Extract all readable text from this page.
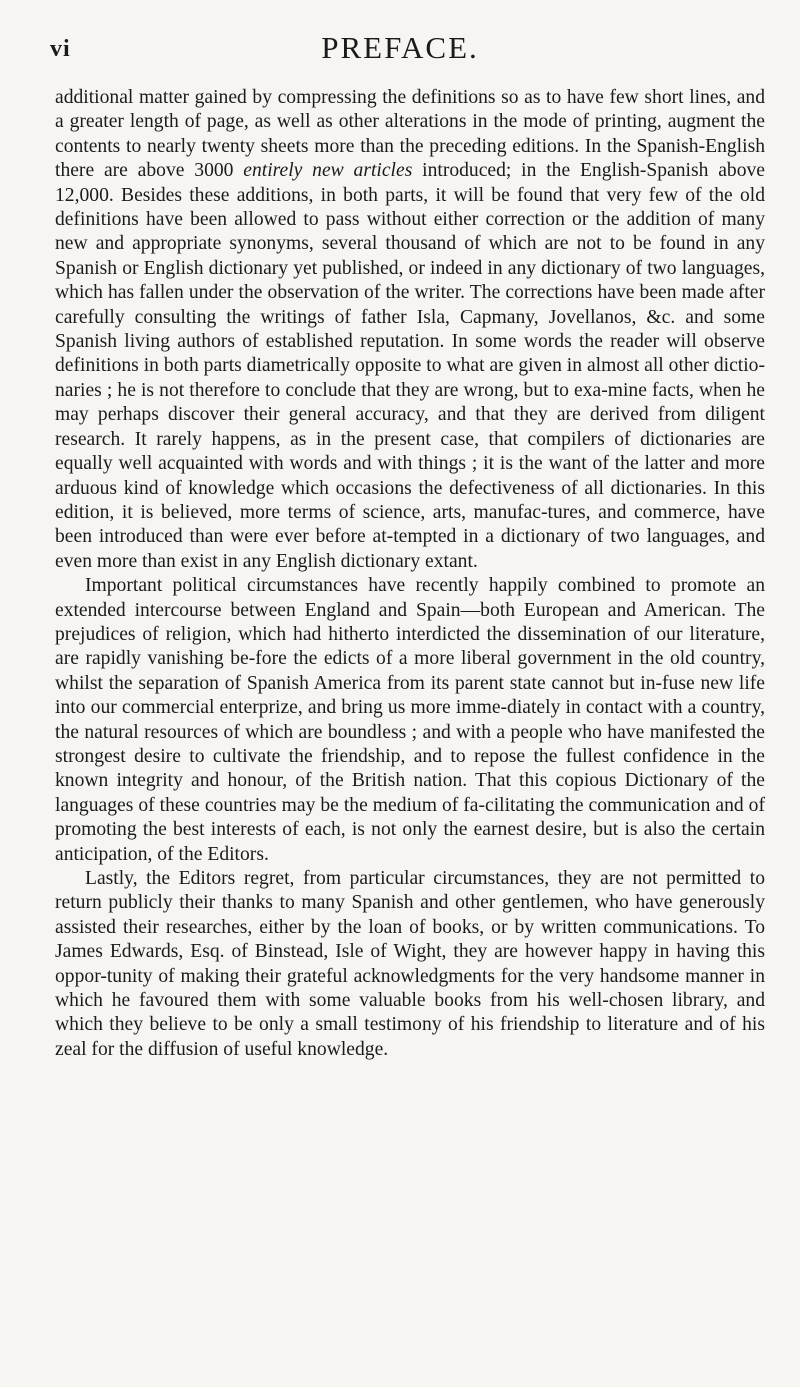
vi	PREFACE.

additional matter gained by compressing the definitions so as to have few short lines, and a greater length of page, as well as other alterations in the mode of printing, augment the contents to nearly twenty sheets more than the preceding editions. In the Spanish-English there are above 3000 entirely new articles introduced; in the English-Spanish above 12,000. Besides these additions, in both parts, it will be found that very few of the old definitions have been allowed to pass without either correction or the addition of many new and appropriate synonyms, several thousand of which are not to be found in any Spanish or English dictionary yet published, or indeed in any dictionary of two languages, which has fallen under the observation of the writer. The corrections have been made after carefully consulting the writings of father Isla, Capmany, Jovellanos, &c. and some Spanish living authors of established reputation. In some words the reader will observe definitions in both parts diametrically opposite to what are given in almost all other dictio-naries ; he is not therefore to conclude that they are wrong, but to exa-mine facts, when he may perhaps discover their general accuracy, and that they are derived from diligent research. It rarely happens, as in the present case, that compilers of dictionaries are equally well acquainted with words and with things ; it is the want of the latter and more arduous kind of knowledge which occasions the defectiveness of all dictionaries. In this edition, it is believed, more terms of science, arts, manufac-tures, and commerce, have been introduced than were ever before at-tempted in a dictionary of two languages, and even more than exist in any English dictionary extant.

Important political circumstances have recently happily combined to promote an extended intercourse between England and Spain—both European and American. The prejudices of religion, which had hitherto interdicted the dissemination of our literature, are rapidly vanishing be-fore the edicts of a more liberal government in the old country, whilst the separation of Spanish America from its parent state cannot but in-fuse new life into our commercial enterprize, and bring us more imme-diately in contact with a country, the natural resources of which are boundless ; and with a people who have manifested the strongest desire to cultivate the friendship, and to repose the fullest confidence in the known integrity and honour, of the British nation. That this copious Dictionary of the languages of these countries may be the medium of fa-cilitating the communication and of promoting the best interests of each, is not only the earnest desire, but is also the certain anticipation, of the Editors.

Lastly, the Editors regret, from particular circumstances, they are not permitted to return publicly their thanks to many Spanish and other gentlemen, who have generously assisted their researches, either by the loan of books, or by written communications. To James Edwards, Esq. of Binstead, Isle of Wight, they are however happy in having this oppor-tunity of making their grateful acknowledgments for the very handsome manner in which he favoured them with some valuable books from his well-chosen library, and which they believe to be only a small testimony of his friendship to literature and of his zeal for the diffusion of useful knowledge.
